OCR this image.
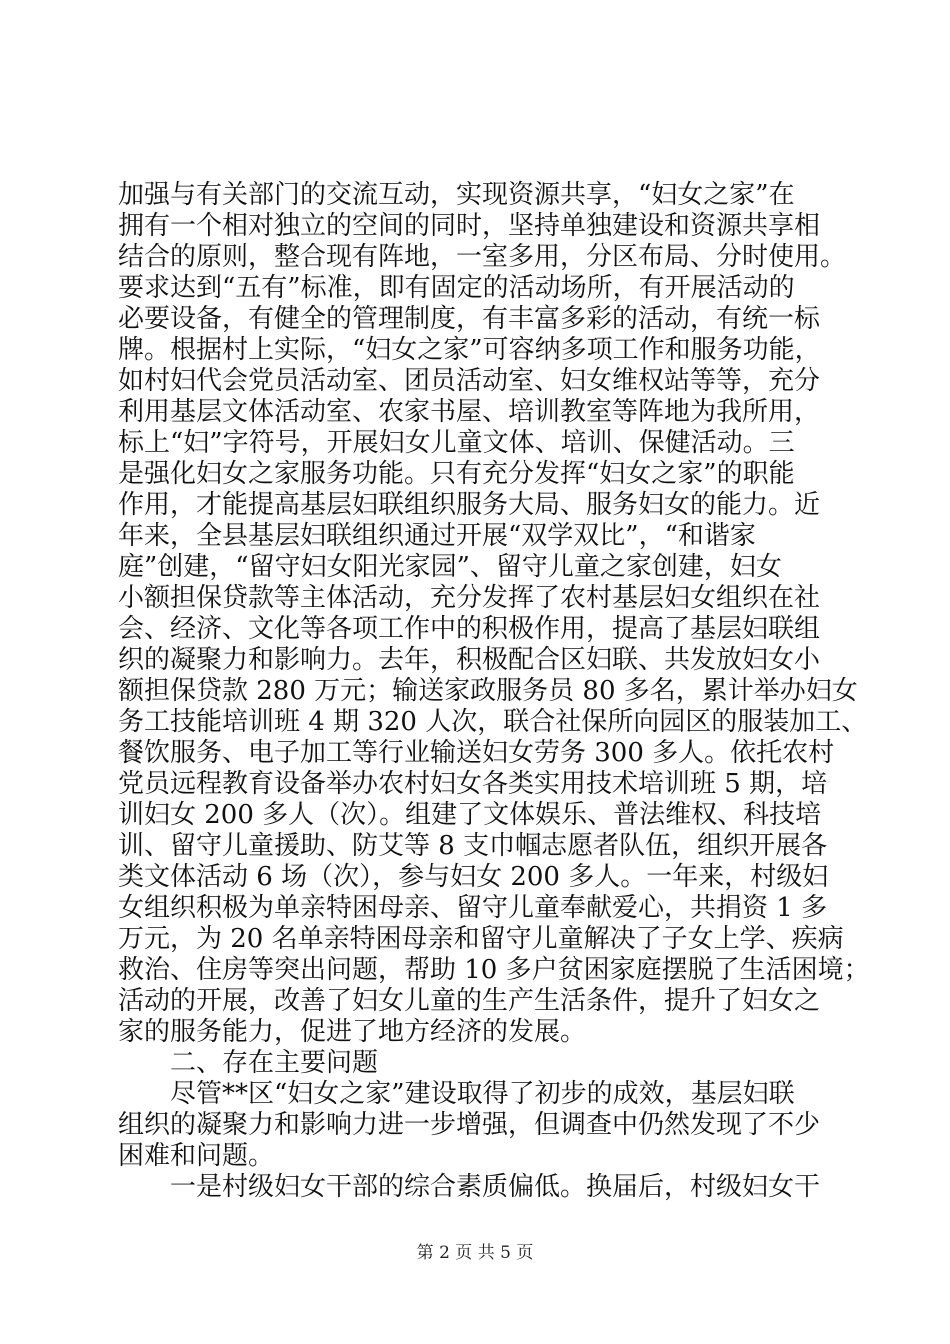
加强与有关部门的交流互动，实现资源共享，“妇女之家”在
拥有一个相对独立的空间的同时，坚持单独建设和资源共享相
结合的原则，整合现有阵地，一室多用，分区布局、分时使用。
要求达到“五有”标准，即有固定的活动场所，有开展活动的
必要设备，有健全的管理制度，有丰富多彩的活动，有统一标
牌。根据村上实际，“妇女之家”可容纳多项工作和服务功能，
如村妇代会党员活动室、团员活动室、妇女维权站等等，充分
利用基层文体活动室、农家书屋、培训教室等阵地为我所用，
标上“妇”字符号，开展妇女儿童文体、培训、保健活动。三
是强化妇女之家服务功能。只有充分发挥“妇女之家”的职能
作用，才能提高基层妇联组织服务大局、服务妇女的能力。近
年来，全县基层妇联组织通过开展“双学双比”，“和谐家
庭”创建，“留守妇女阳光家园”、留守儿童之家创建，妇女
小额担保贷款等主体活动，充分发挥了农村基层妇女组织在社
会、经济、文化等各项工作中的积极作用，提高了基层妇联组
织的凝聚力和影响力。去年，积极配合区妇联、共发放妇女小
额担保贷款 280 万元；输送家政服务员 80 多名，累计举办妇女
务工技能培训班 4 期 320 人次，联合社保所向园区的服装加工、
餐饮服务、电子加工等行业输送妇女劳务 300 多人。依托农村
党员远程教育设备举办农村妇女各类实用技术培训班 5 期，培
训妇女 200 多人（次）。组建了文体娱乐、普法维权、科技培
训、留守儿童援助、防艾等 8 支巾帼志愿者队伍，组织开展各
类文体活动 6 场（次），参与妇女 200 多人。一年来，村级妇
女组织积极为单亲特困母亲、留守儿童奉献爱心，共捐资 1 多
万元，为 20 名单亲特困母亲和留守儿童解决了子女上学、疾病
救治、住房等突出问题，帮助 10 多户贫困家庭摆脱了生活困境；
活动的开展，改善了妇女儿童的生产生活条件，提升了妇女之
家的服务能力，促进了地方经济的发展。
二、存在主要问题
尽管**区“妇女之家”建设取得了初步的成效，基层妇联
组织的凝聚力和影响力进一步增强，但调查中仍然发现了不少
困难和问题。
一是村级妇女干部的综合素质偏低。换届后，村级妇女干
第 2 页 共 5 页
